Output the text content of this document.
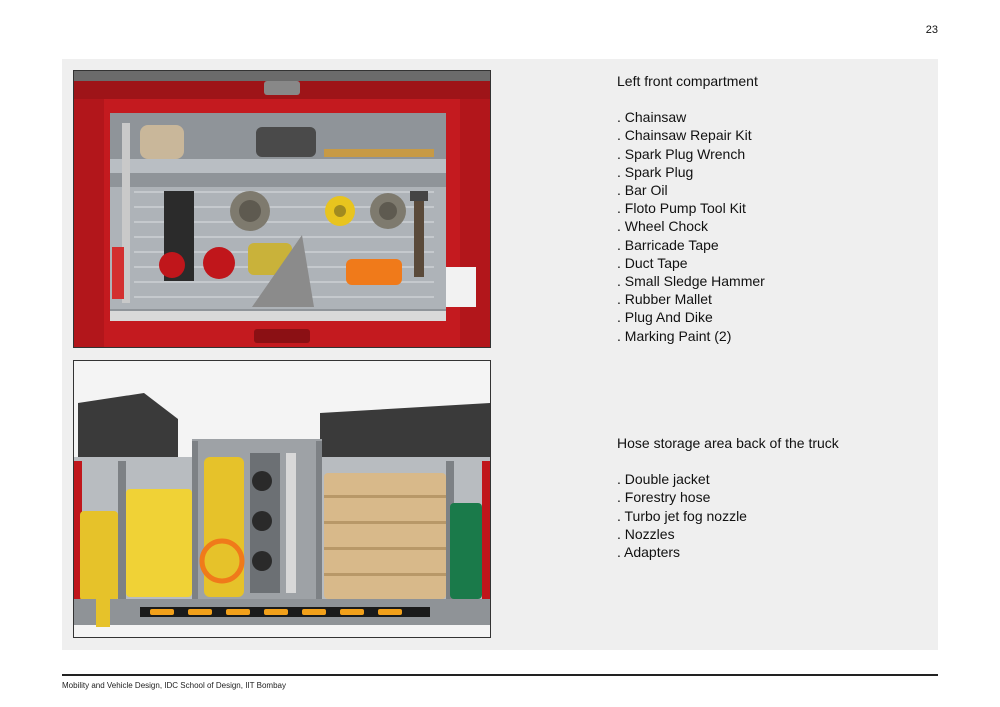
23
Left front compartment
. Chainsaw
. Chainsaw Repair Kit
. Spark Plug Wrench
. Spark Plug
. Bar Oil
. Floto Pump Tool Kit
. Wheel Chock
. Barricade Tape
. Duct Tape
. Small Sledge Hammer
. Rubber Mallet
. Plug And Dike
. Marking Paint (2)
Hose storage area back of the truck
. Double jacket
. Forestry hose
. Turbo jet fog nozzle
. Nozzles
. Adapters
Mobility and Vehicle Design, IDC School of Design, IIT Bombay
